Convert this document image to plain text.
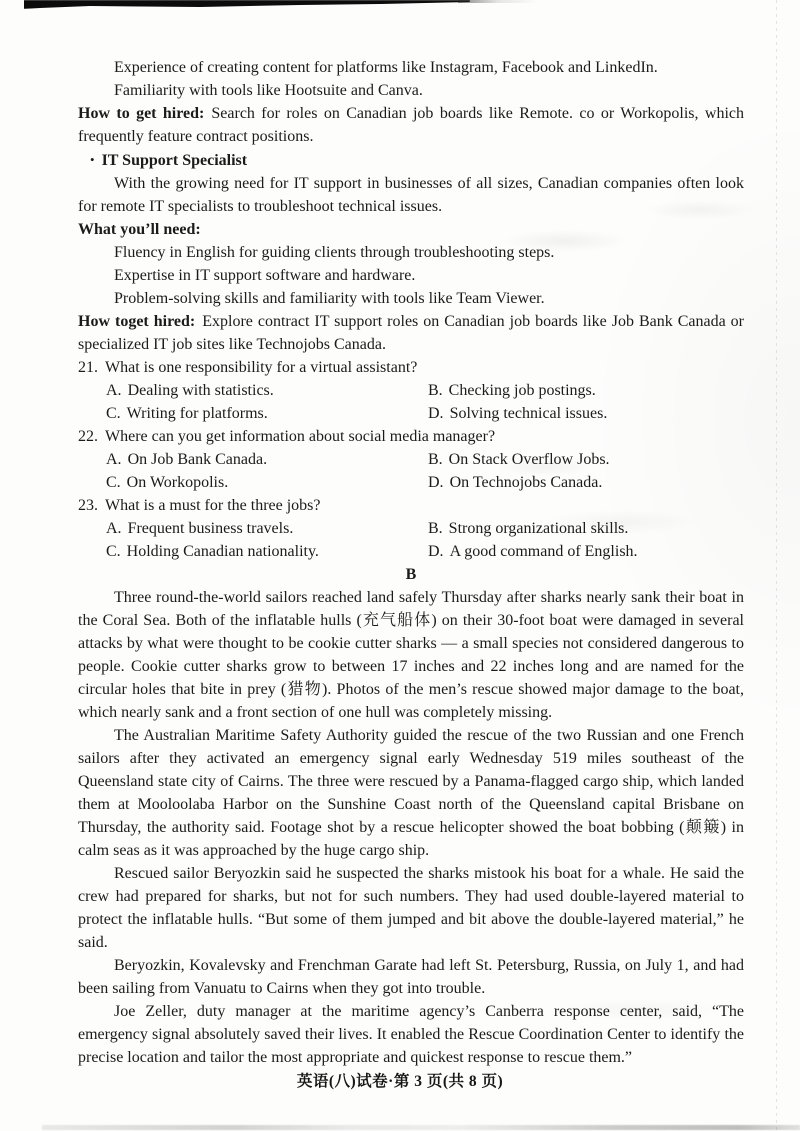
Experience of creating content for platforms like Instagram, Facebook and LinkedIn.

Familiarity with tools like Hootsuite and Canva.

How to get hired: Search for roles on Canadian job boards like Remote. co or Workopolis, which frequently feature contract positions.

• IT Support Specialist

With the growing need for IT support in businesses of all sizes, Canadian companies often look for remote IT specialists to troubleshoot technical issues.

What you’ll need:

Fluency in English for guiding clients through troubleshooting steps.

Expertise in IT support software and hardware.

Problem-solving skills and familiarity with tools like Team Viewer.

How toget hired: Explore contract IT support roles on Canadian job boards like Job Bank Canada or specialized IT job sites like Technojobs Canada.

21. What is one responsibility for a virtual assistant?

A. Dealing with statistics.	B. Checking job postings.

C. Writing for platforms.	D. Solving technical issues.

22. Where can you get information about social media manager?

A. On Job Bank Canada.	B. On Stack Overflow Jobs.

C. On Workopolis.	D. On Technojobs Canada.

23. What is a must for the three jobs?

A. Frequent business travels.	B. Strong organizational skills.

C. Holding Canadian nationality.	D. A good command of English.

B

Three round-the-world sailors reached land safely Thursday after sharks nearly sank their boat in the Coral Sea. Both of the inflatable hulls (充气船体) on their 30-foot boat were damaged in several attacks by what were thought to be cookie cutter sharks — a small species not considered dangerous to people. Cookie cutter sharks grow to between 17 inches and 22 inches long and are named for the circular holes that bite in prey (猎物). Photos of the men’s rescue showed major damage to the boat, which nearly sank and a front section of one hull was completely missing.

The Australian Maritime Safety Authority guided the rescue of the two Russian and one French sailors after they activated an emergency signal early Wednesday 519 miles southeast of the Queensland state city of Cairns. The three were rescued by a Panama-flagged cargo ship, which landed them at Mooloolaba Harbor on the Sunshine Coast north of the Queensland capital Brisbane on Thursday, the authority said. Footage shot by a rescue helicopter showed the boat bobbing (颠簸) in calm seas as it was approached by the huge cargo ship.

Rescued sailor Beryozkin said he suspected the sharks mistook his boat for a whale. He said the crew had prepared for sharks, but not for such numbers. They had used double-layered material to protect the inflatable hulls. “But some of them jumped and bit above the double-layered material,” he said.

Beryozkin, Kovalevsky and Frenchman Garate had left St. Petersburg, Russia, on July 1, and had been sailing from Vanuatu to Cairns when they got into trouble.

Joe Zeller, duty manager at the maritime agency’s Canberra response center, said, “The emergency signal absolutely saved their lives. It enabled the Rescue Coordination Center to identify the precise location and tailor the most appropriate and quickest response to rescue them.”

英语(八)试卷·第 3 页(共 8 页)
